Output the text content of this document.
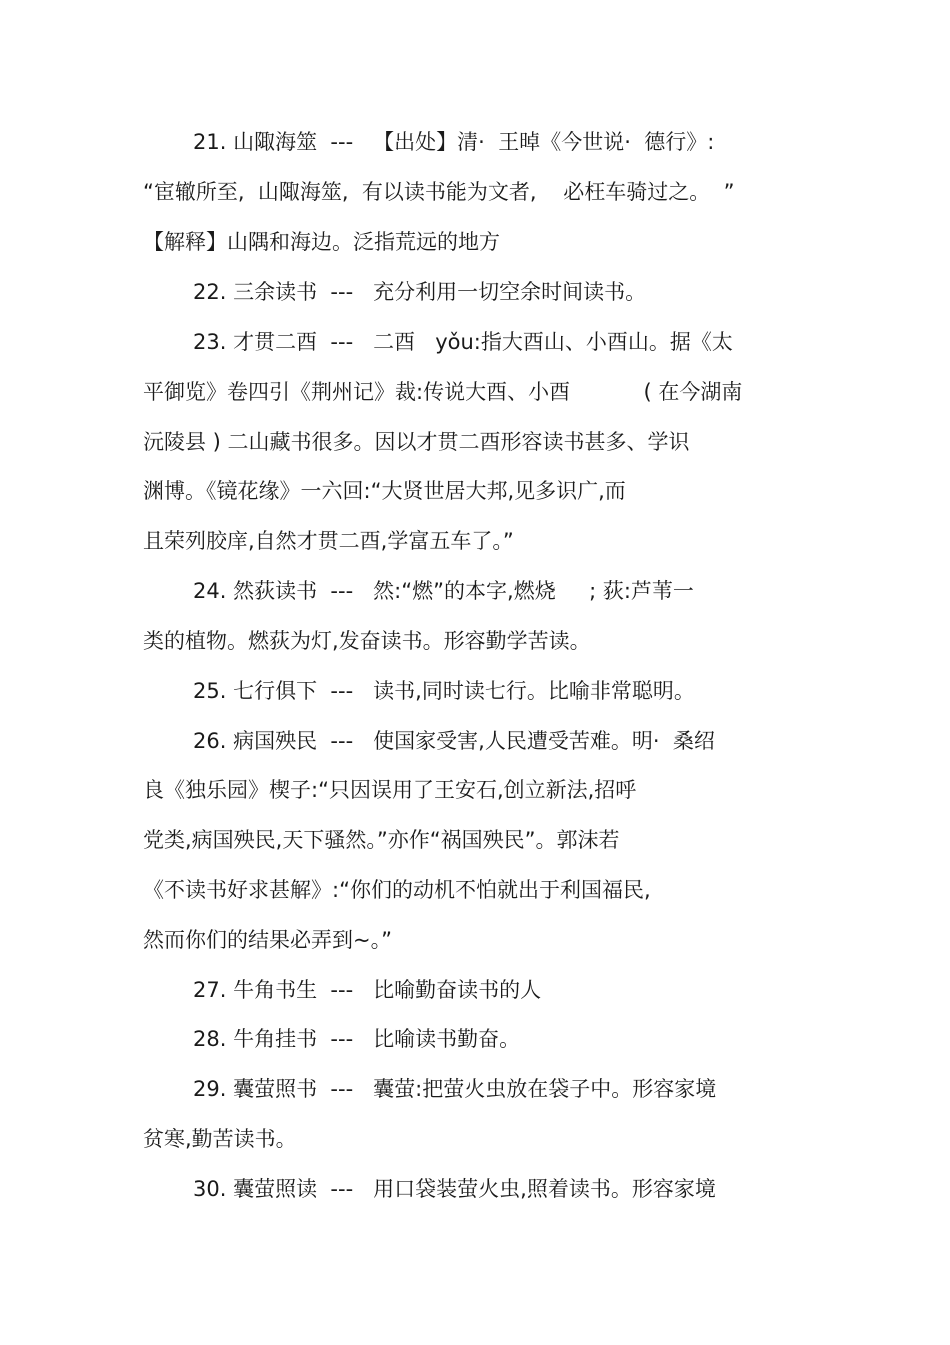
21. 山陬海筮  ---   【出处】清·  王晫《今世说·  德行》:
“宦辙所至,  山陬海筮,  有以读书能为文者,    必枉车骑过之。  ”
【解释】山隅和海边。泛指荒远的地方
22. 三余读书  ---   充分利用一切空余时间读书。
23. 才贯二酉  ---   二酉   yǒu:指大酉山、小酉山。据《太
平御览》卷四引《荆州记》裁:传说大酉、小酉           ( 在今湖南
沅陵县 ) 二山藏书很多。因以才贯二酉形容读书甚多、学识
渊博。《镜花缘》一六回:“大贤世居大邦,见多识广,而
且荣列胶庠,自然才贯二酉,学富五车了。”
24. 然荻读书  ---   然:“燃”的本字,燃烧     ; 荻:芦苇一
类的植物。燃荻为灯,发奋读书。形容勤学苦读。
25. 七行俱下  ---   读书,同时读七行。比喻非常聪明。
26. 病国殃民  ---   使国家受害,人民遭受苦难。明·  桑绍
良《独乐园》楔子:“只因误用了王安石,创立新法,招呼
党类,病国殃民,天下骚然。”亦作“祸国殃民”。郭沫若
《不读书好求甚解》:“你们的动机不怕就出于利国福民,
然而你们的结果必弄到~。”
27. 牛角书生  ---   比喻勤奋读书的人
28. 牛角挂书  ---   比喻读书勤奋。
29. 囊萤照书  ---   囊萤:把萤火虫放在袋子中。形容家境
贫寒,勤苦读书。
30. 囊萤照读  ---   用口袋装萤火虫,照着读书。形容家境
